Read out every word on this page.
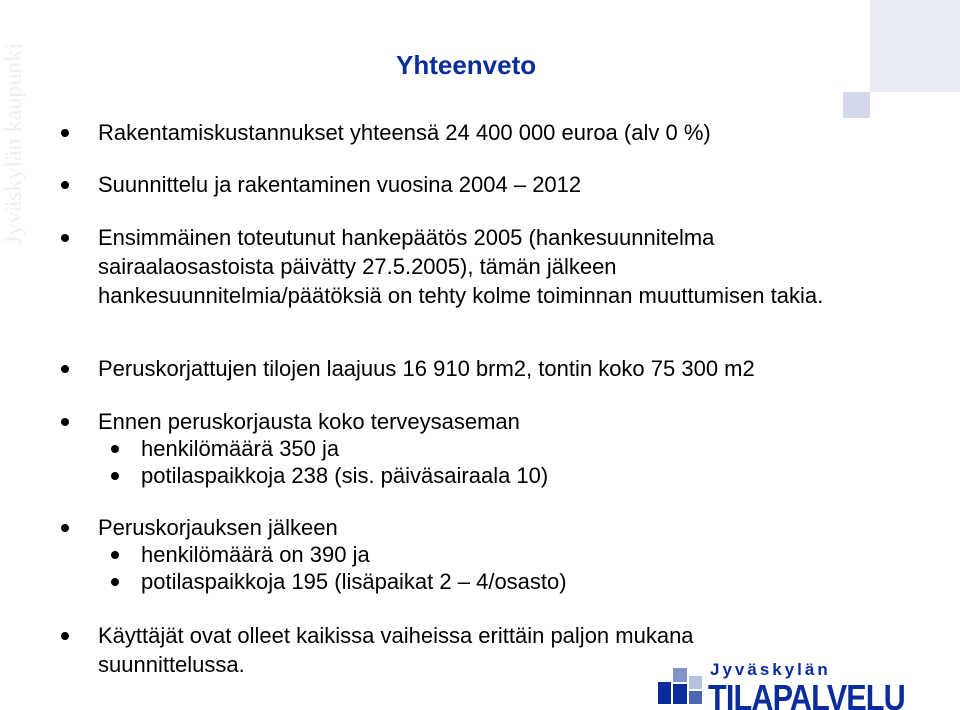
Jyväskylän kaupunki	Yhteenveto
Rakentamiskustannukset yhteensä 24 400 000 euroa (alv 0 %)
Suunnittelu ja rakentaminen vuosina 2004 – 2012
Ensimmäinen toteutunut hankepäätös 2005 (hankesuunnitelma sairaalaosastoista päivätty 27.5.2005), tämän jälkeen hankesuunnitelmia/päätöksiä on tehty kolme toiminnan muuttumisen takia.
Peruskorjattujen tilojen laajuus 16 910 brm2, tontin koko 75 300 m2
Ennen peruskorjausta koko terveysaseman
henkilömäärä 350 ja
potilaspaikkoja 238 (sis. päiväsairaala 10)
Peruskorjauksen jälkeen
henkilömäärä on 390 ja
potilaspaikkoja 195 (lisäpaikat 2 – 4/osasto)
Käyttäjät ovat olleet kaikissa vaiheissa erittäin paljon mukana suunnittelussa.	Jyväskylän
TILAPALVELU
